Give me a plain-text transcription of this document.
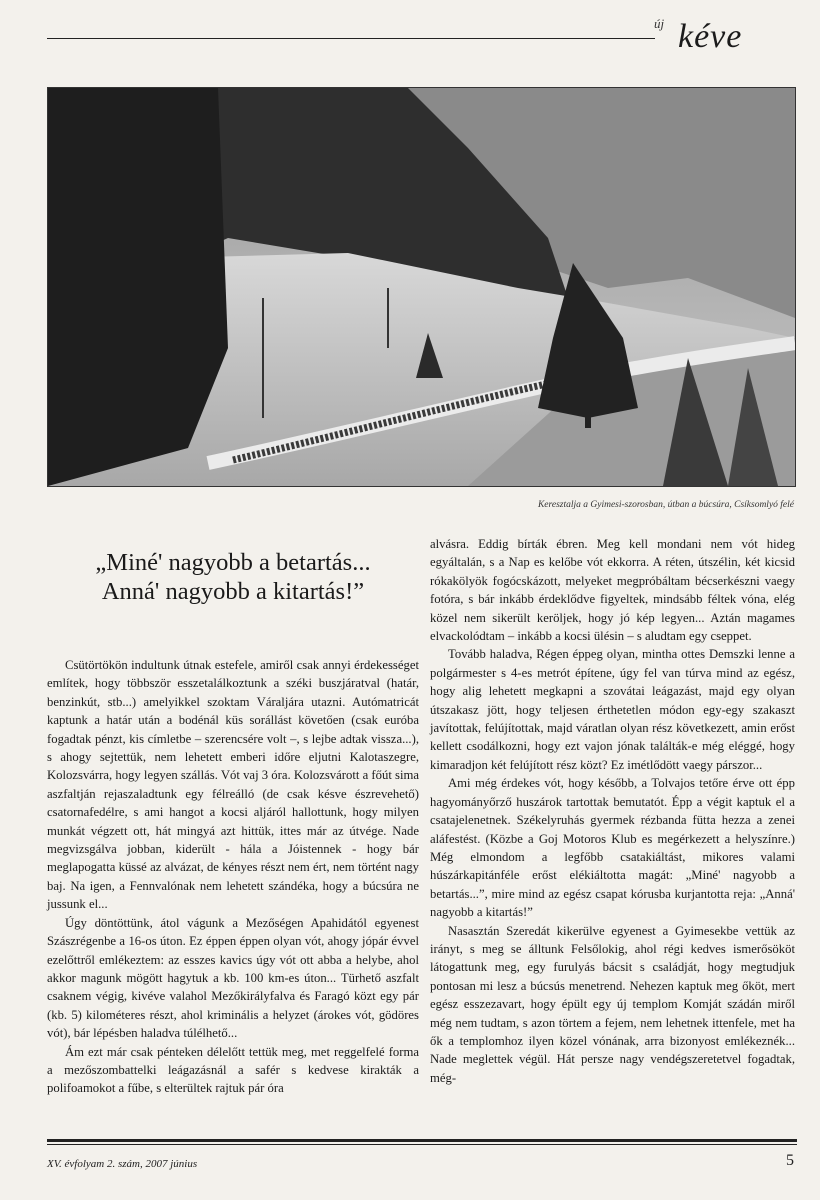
új kéve
Keresztalja a Gyimesi-szorosban, útban a búcsúra, Csíksomlyó felé
„Miné' nagyobb a betartás...
Anná' nagyobb a kitartás!”

Csütörtökön indultunk útnak estefele, amiről csak annyi érdekességet említek, hogy többször esszetalálkoztunk a széki buszjáratval (határ, benzinkút, stb...) amelyikkel szoktam Váraljára utazni. Autómatricát kaptunk a határ után a bodénál küs sorállást követően (csak euróba fogadtak pénzt, kis címletbe – szerencsére volt –, s lejbe adtak vissza...), s ahogy sejtettük, nem lehetett emberi időre eljutni Kalotaszegre, Kolozsvárra, hogy legyen szállás. Vót vaj 3 óra. Kolozsvárott a főút sima aszfaltján rejaszaladtunk egy félreálló (de csak késve észrevehető) csatornafedélre, s ami hangot a kocsi aljáról hallottunk, hogy milyen munkát végzett ott, hát mingyá azt hittük, ittes már az útvége. Nade megvizsgálva jobban, kiderült - hála a Jóistennek - hogy bár meglapogatta küssé az alvázat, de kényes részt nem ért, nem történt nagy baj. Na igen, a Fennvalónak nem lehetett szándéka, hogy a búcsúra ne jussunk el...

Úgy döntöttünk, átol vágunk a Mezőségen Apahidától egyenest Szászrégenbe a 16-os úton. Ez éppen éppen olyan vót, ahogy jópár évvel ezelőttről emlékeztem: az esszes kavics úgy vót ott abba a helybe, ahol akkor magunk mögött hagytuk a kb. 100 km-es úton... Türhető aszfalt csaknem végig, kivéve valahol Mezőkirályfalva és Faragó közt egy pár (kb. 5) kilométeres részt, ahol kriminális a helyzet (árokes vót, gödöres vót), bár lépésben haladva túlélhető...

Ám ezt már csak pénteken délelőtt tettük meg, met reggelfelé forma a mezőszombattelki leágazásnál a safér s kedvese kirakták a polifoamokot a fűbe, s elterültek rajtuk pár óra

alvásra. Eddig bírták ébren. Meg kell mondani nem vót hideg egyáltalán, s a Nap es kelőbe vót ekkorra. A réten, útszélin, két kicsid rókakölyök fogócskázott, melyeket megpróbáltam bécserkészni vaegy fotóra, s bár inkább érdeklődve figyeltek, mindsább féltek vóna, elég közel nem sikerült keröljek, hogy jó kép legyen... Aztán magames elvackolódtam – inkább a kocsi ülésin – s aludtam egy cseppet.

Tovább haladva, Régen éppeg olyan, mintha ottes Demszki lenne a polgármester s 4-es metrót építene, úgy fel van túrva mind az egész, hogy alig lehetett megkapni a szovátai leágazást, majd egy olyan útszakasz jött, hogy teljesen érthetetlen módon egy-egy szakaszt javítottak, felújítottak, majd váratlan olyan rész következett, amin erőst kellett csodálkozni, hogy ezt vajon jónak találták-e még eléggé, hogy kimaradjon két felújított rész közt? Ez imétlődött vaegy párszor...

Ami még érdekes vót, hogy később, a Tolvajos tetőre érve ott épp hagyományőrző huszárok tartottak bemutatót. Épp a végit kaptuk el a csatajelenetnek. Székelyruhás gyermek rézbanda fütta hezza a zenei aláfestést. (Közbe a Goj Motoros Klub es megérkezett a helyszínre.) Még elmondom a legfőbb csatakiáltást, mikores valami húszárkapitánféle erőst elékiáltotta magát: „Miné' nagyobb a betartás...”, mire mind az egész csapat kórusba kurjantotta reja: „Anná' nagyobb a kitartás!”

Nasasztán Szeredát kikerülve egyenest a Gyimesekbe vettük az irányt, s meg se álltunk Felsőlokig, ahol régi kedves ismerősököt látogattunk meg, egy furulyás bácsit s családját, hogy megtudjuk pontosan mi lesz a búcsús menetrend. Nehezen kaptuk meg őköt, mert egész esszezavart, hogy épült egy új templom Komját szádán miről még nem tudtam, s azon törtem a fejem, nem lehetnek ittenfele, met ha ők a templomhoz ilyen közel vónának, arra bizonyost emlékeznék... Nade meglettek végül. Hát persze nagy vendégszeretetvel fogadtak, még-

XV. évfolyam 2. szám, 2007 június	5
